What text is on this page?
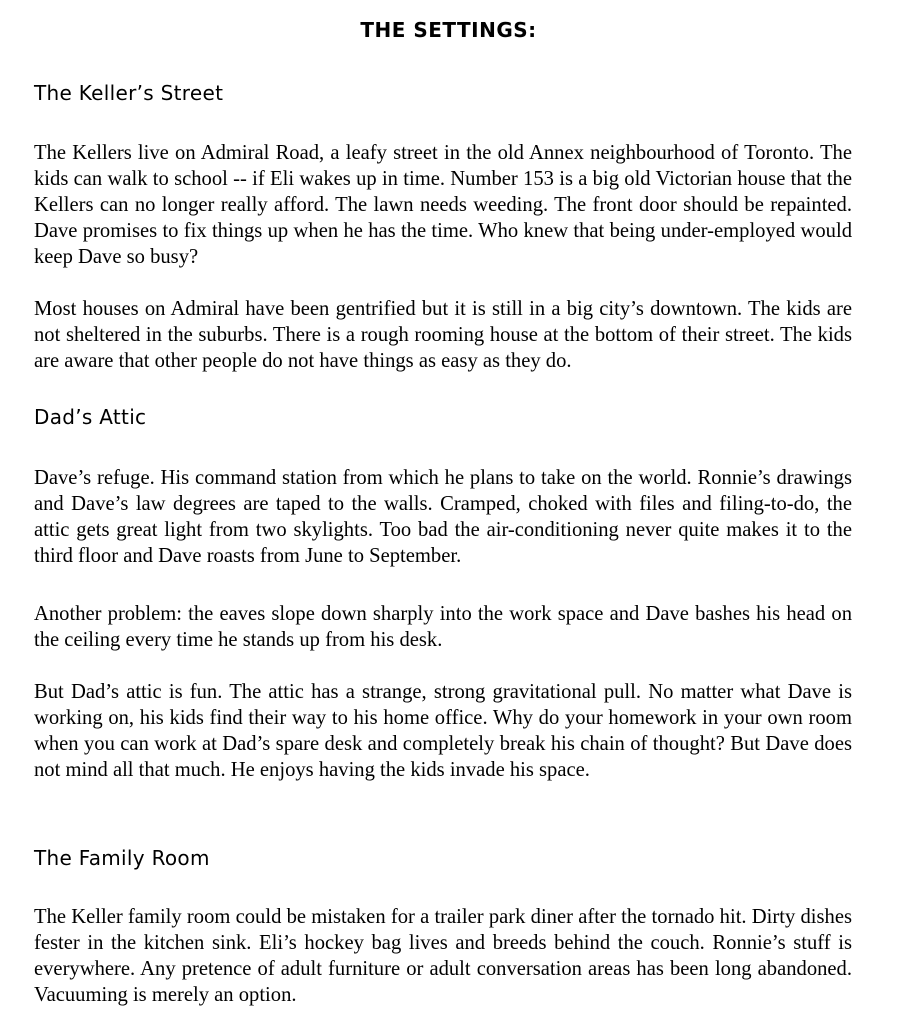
THE SETTINGS:
The Keller’s Street

The Kellers live on Admiral Road, a leafy street in the old Annex neighbourhood of Toronto. The kids can walk to school -- if Eli wakes up in time. Number 153 is a big old Victorian house that the Kellers can no longer really afford. The lawn needs weeding. The front door should be repainted. Dave promises to fix things up when he has the time. Who knew that being under-employed would keep Dave so busy?

Most houses on Admiral have been gentrified but it is still in a big city’s downtown. The kids are not sheltered in the suburbs. There is a rough rooming house at the bottom of their street. The kids are aware that other people do not have things as easy as they do.

Dad’s Attic

Dave’s refuge. His command station from which he plans to take on the world. Ronnie’s drawings and Dave’s law degrees are taped to the walls. Cramped, choked with files and filing-to-do, the attic gets great light from two skylights. Too bad the air-conditioning never quite makes it to the third floor and Dave roasts from June to September.

Another problem: the eaves slope down sharply into the work space and Dave bashes his head on the ceiling every time he stands up from his desk.

But Dad’s attic is fun. The attic has a strange, strong gravitational pull. No matter what Dave is working on, his kids find their way to his home office. Why do your homework in your own room when you can work at Dad’s spare desk and completely break his chain of thought? But Dave does not mind all that much. He enjoys having the kids invade his space.

The Family Room

The Keller family room could be mistaken for a trailer park diner after the tornado hit. Dirty dishes fester in the kitchen sink. Eli’s hockey bag lives and breeds behind the couch. Ronnie’s stuff is everywhere. Any pretence of adult furniture or adult conversation areas has been long abandoned. Vacuuming is merely an option.
